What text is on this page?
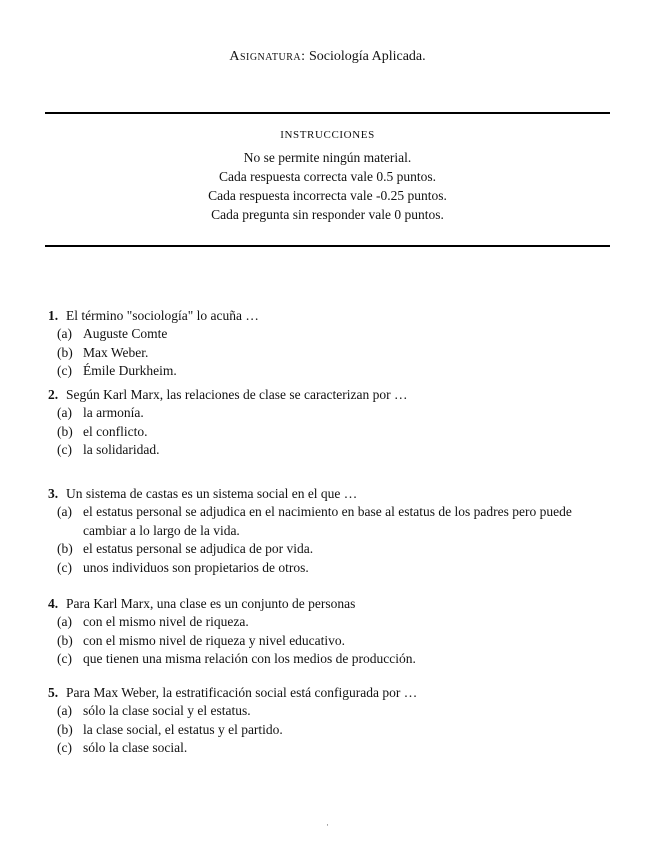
Asignatura: Sociología Aplicada.
INSTRUCCIONES
No se permite ningún material.
Cada respuesta correcta vale 0.5 puntos.
Cada respuesta incorrecta vale -0.25 puntos.
Cada pregunta sin responder vale 0 puntos.
1. El término "sociología" lo acuña …
(a) Auguste Comte
(b) Max Weber.
(c) Émile Durkheim.
2. Según Karl Marx, las relaciones de clase se caracterizan por …
(a) la armonía.
(b) el conflicto.
(c) la solidaridad.
3. Un sistema de castas es un sistema social en el que …
(a) el estatus personal se adjudica en el nacimiento en base al estatus de los padres pero puede cambiar a lo largo de la vida.
(b) el estatus personal se adjudica de por vida.
(c) unos individuos son propietarios de otros.
4. Para Karl Marx, una clase es un conjunto de personas
(a) con el mismo nivel de riqueza.
(b) con el mismo nivel de riqueza y nivel educativo.
(c) que tienen una misma relación con los medios de producción.
5. Para Max Weber, la estratificación social está configurada por …
(a) sólo la clase social y el estatus.
(b) la clase social, el estatus y el partido.
(c) sólo la clase social.
·
